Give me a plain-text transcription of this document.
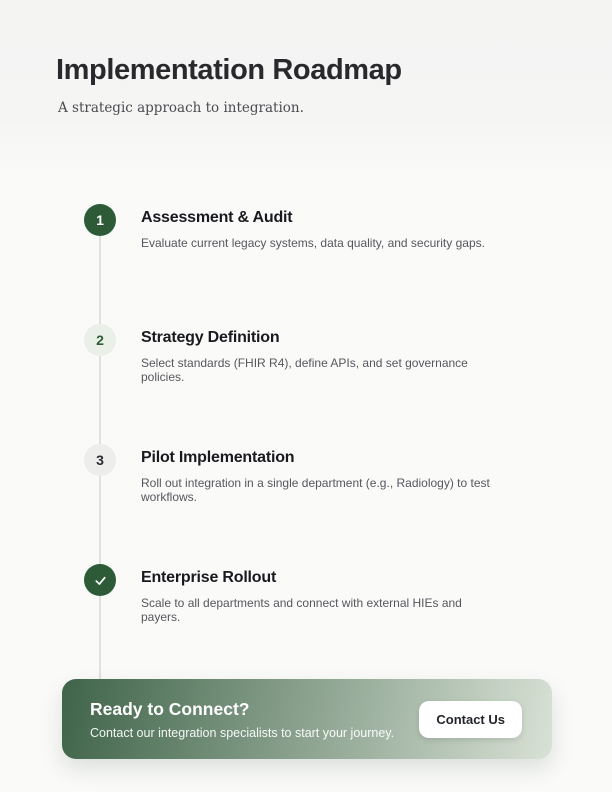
Implementation Roadmap
A strategic approach to integration.
1 Assessment & Audit
Evaluate current legacy systems, data quality, and security gaps.
2 Strategy Definition
Select standards (FHIR R4), define APIs, and set governance policies.
3 Pilot Implementation
Roll out integration in a single department (e.g., Radiology) to test workflows.
Enterprise Rollout
Scale to all departments and connect with external HIEs and payers.
Ready to Connect?
Contact our integration specialists to start your journey.
Contact Us
